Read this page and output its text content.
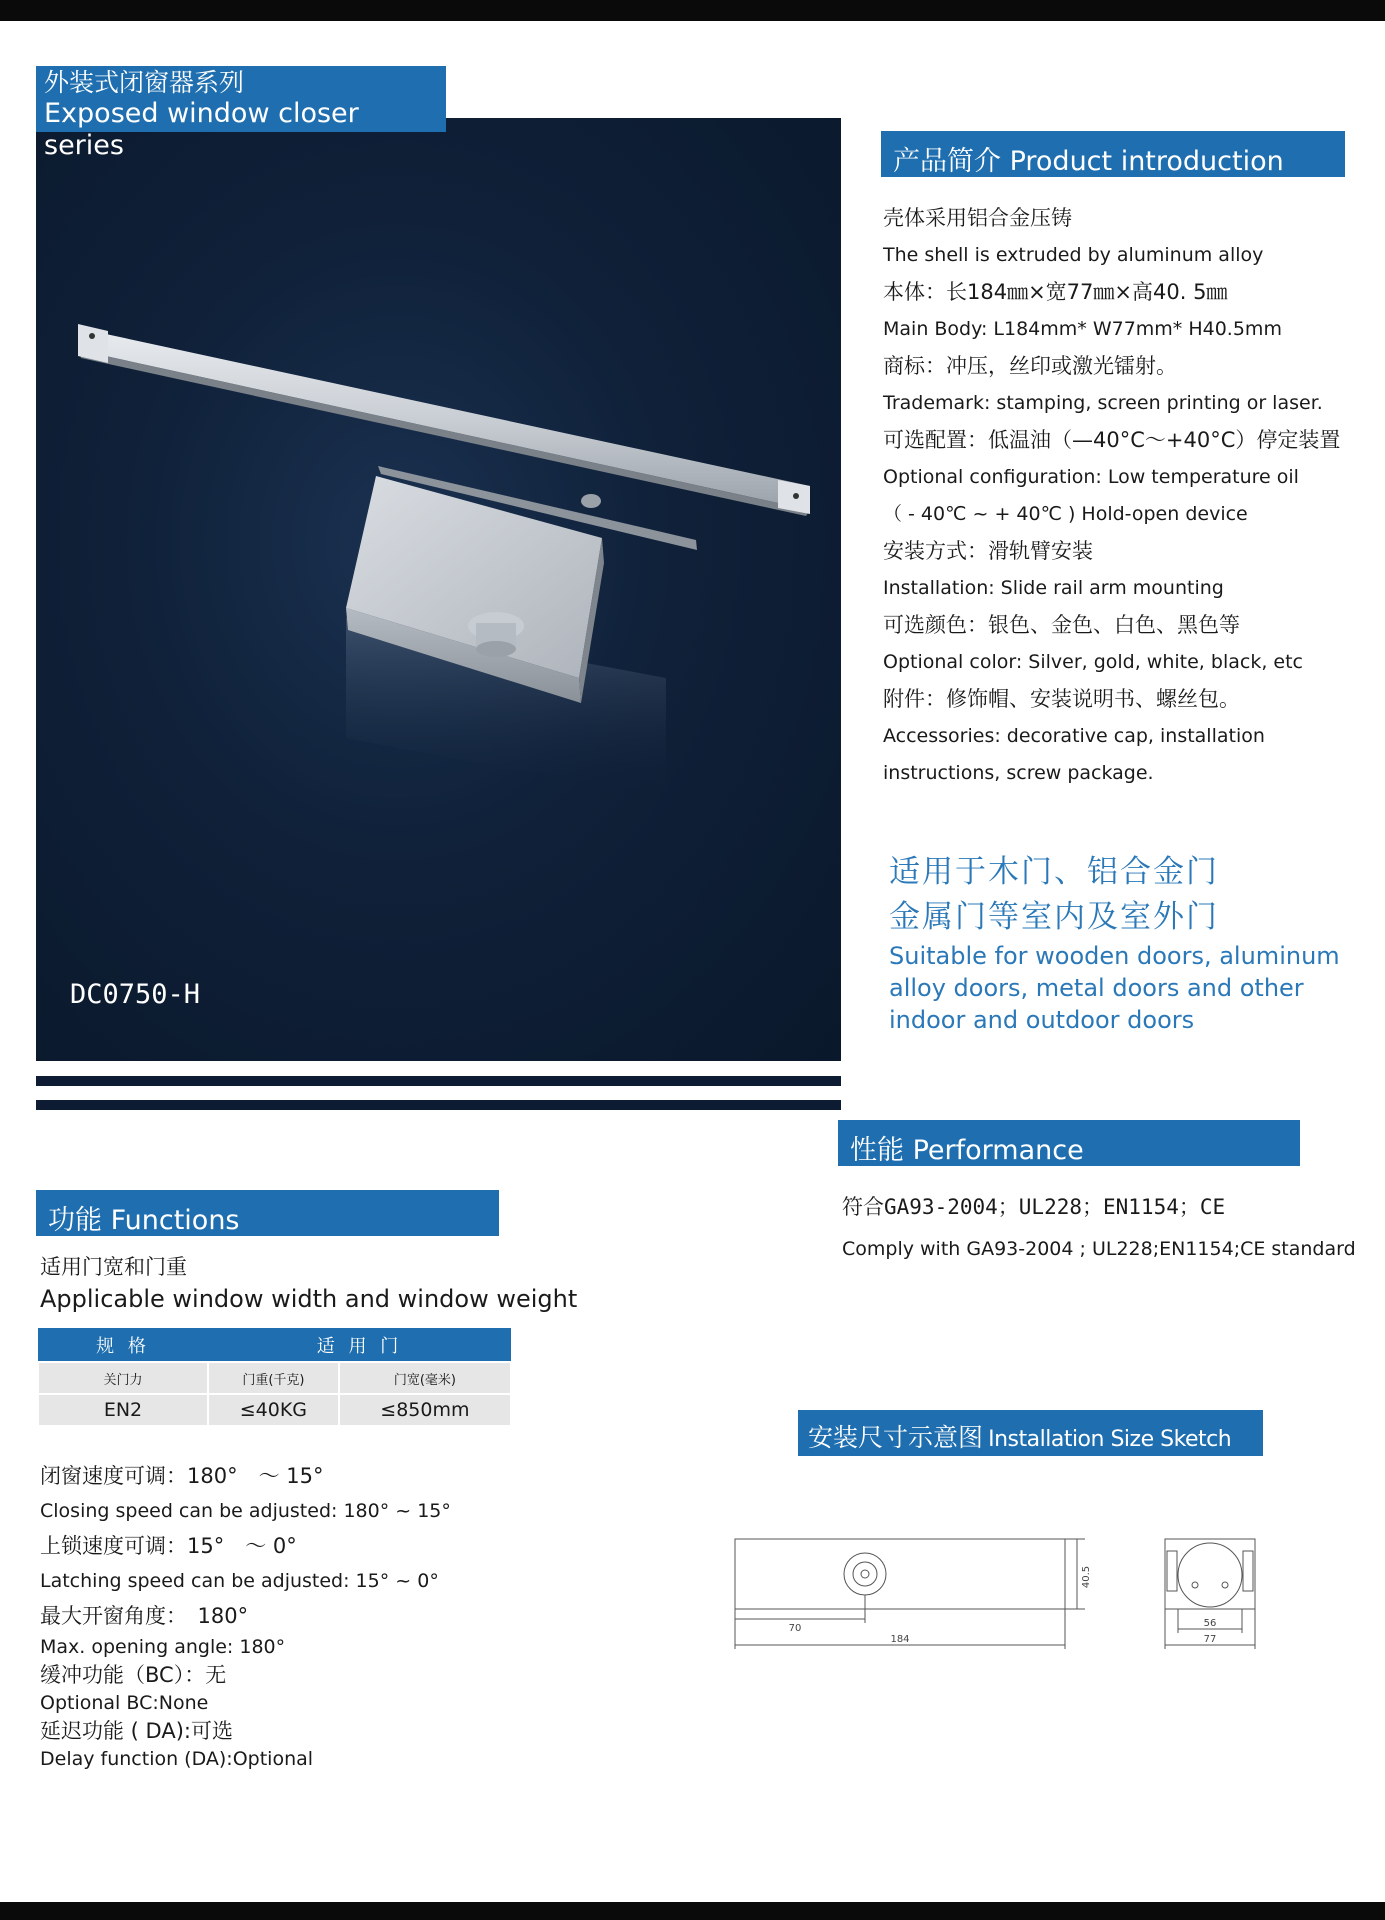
外装式闭窗器系列
Exposed window closer series
DC0750-H
产品简介 Product introduction

壳体采用铝合金压铸

The shell is extruded by aluminum alloy

本体：长184㎜×宽77㎜×高40. 5㎜

Main Body: L184mm* W77mm* H40.5mm

商标：冲压，丝印或激光镭射。

Trademark: stamping, screen printing or laser.

可选配置：低温油（—40°C～+40°C）停定装置

Optional configuration: Low temperature oil

（ - 40℃ ~ + 40℃ ) Hold-open device

安装方式：滑轨臂安装

Installation: Slide rail arm mounting

可选颜色：银色、金色、白色、黑色等

Optional color: Silver, gold, white, black, etc

附件：修饰帽、安装说明书、螺丝包。

Accessories: decorative cap, installation

instructions, screw package.

适用于木门、铝合金门
金属门等室内及室外门
Suitable for wooden doors, aluminum
alloy doors, metal doors and other
indoor and outdoor doors
性能 Performance

符合GA93-2004；UL228；EN1154；CE

Comply with GA93-2004 ; UL228;EN1154;CE standard

功能 Functions

适用门宽和门重

Applicable window width and window weight

规 格	适 用 门	
关门力	门重(千克)	门宽(毫米)
EN2	≤40KG	≤850mm

闭窗速度可调：180°　～ 15°

Closing speed can be adjusted: 180° ~ 15°

上锁速度可调：15°　～ 0°

Latching speed can be adjusted: 15° ~ 0°

最大开窗角度：　180°

Max. opening angle: 180°

缓冲功能（BC）：无

Optional BC:None

延迟功能 ( DA):可选

Delay function (DA):Optional

安装尺寸示意图 Installation Size Sketch
70
184
40.5
56
77
